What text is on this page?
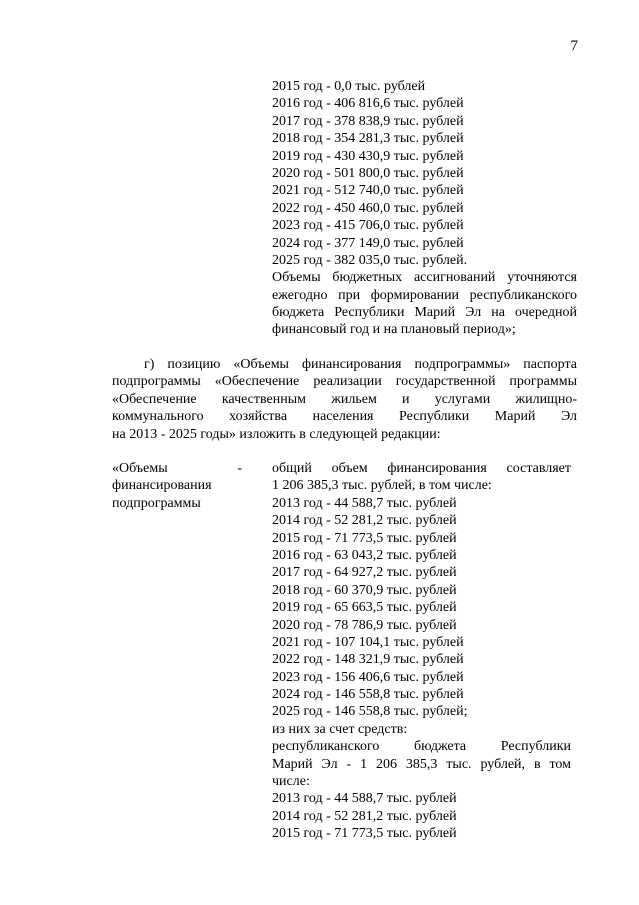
7
2015 год - 0,0 тыс. рублей
2016 год - 406 816,6 тыс. рублей
2017 год - 378 838,9 тыс. рублей
2018 год - 354 281,3 тыс. рублей
2019 год - 430 430,9 тыс. рублей
2020 год - 501 800,0 тыс. рублей
2021 год - 512 740,0 тыс. рублей
2022 год - 450 460,0 тыс. рублей
2023 год - 415 706,0 тыс. рублей
2024 год - 377 149,0 тыс. рублей
2025 год - 382 035,0 тыс. рублей.
Объемы бюджетных ассигнований уточняются
ежегодно при формировании республиканского
бюджета Республики Марий Эл на очередной
финансовый год и на плановый период»;
г) позицию «Объемы финансирования подпрограммы» паспорта
подпрограммы «Обеспечение реализации государственной программы
«Обеспечение качественным жильем и услугами жилищно-
коммунального хозяйства населения Республики Марий Эл
на 2013 - 2025 годы» изложить в следующей редакции:
«Объемы -
финансирования
подпрограммы
общий объем финансирования составляет
1 206 385,3 тыс. рублей, в том числе:
2013 год - 44 588,7 тыс. рублей
2014 год - 52 281,2 тыс. рублей
2015 год - 71 773,5 тыс. рублей
2016 год - 63 043,2 тыс. рублей
2017 год - 64 927,2 тыс. рублей
2018 год - 60 370,9 тыс. рублей
2019 год - 65 663,5 тыс. рублей
2020 год - 78 786,9 тыс. рублей
2021 год - 107 104,1 тыс. рублей
2022 год - 148 321,9 тыс. рублей
2023 год - 156 406,6 тыс. рублей
2024 год - 146 558,8 тыс. рублей
2025 год - 146 558,8 тыс. рублей;
из них за счет средств:
республиканского бюджета Республики
Марий Эл - 1 206 385,3 тыс. рублей, в том
числе:
2013 год - 44 588,7 тыс. рублей
2014 год - 52 281,2 тыс. рублей
2015 год - 71 773,5 тыс. рублей
